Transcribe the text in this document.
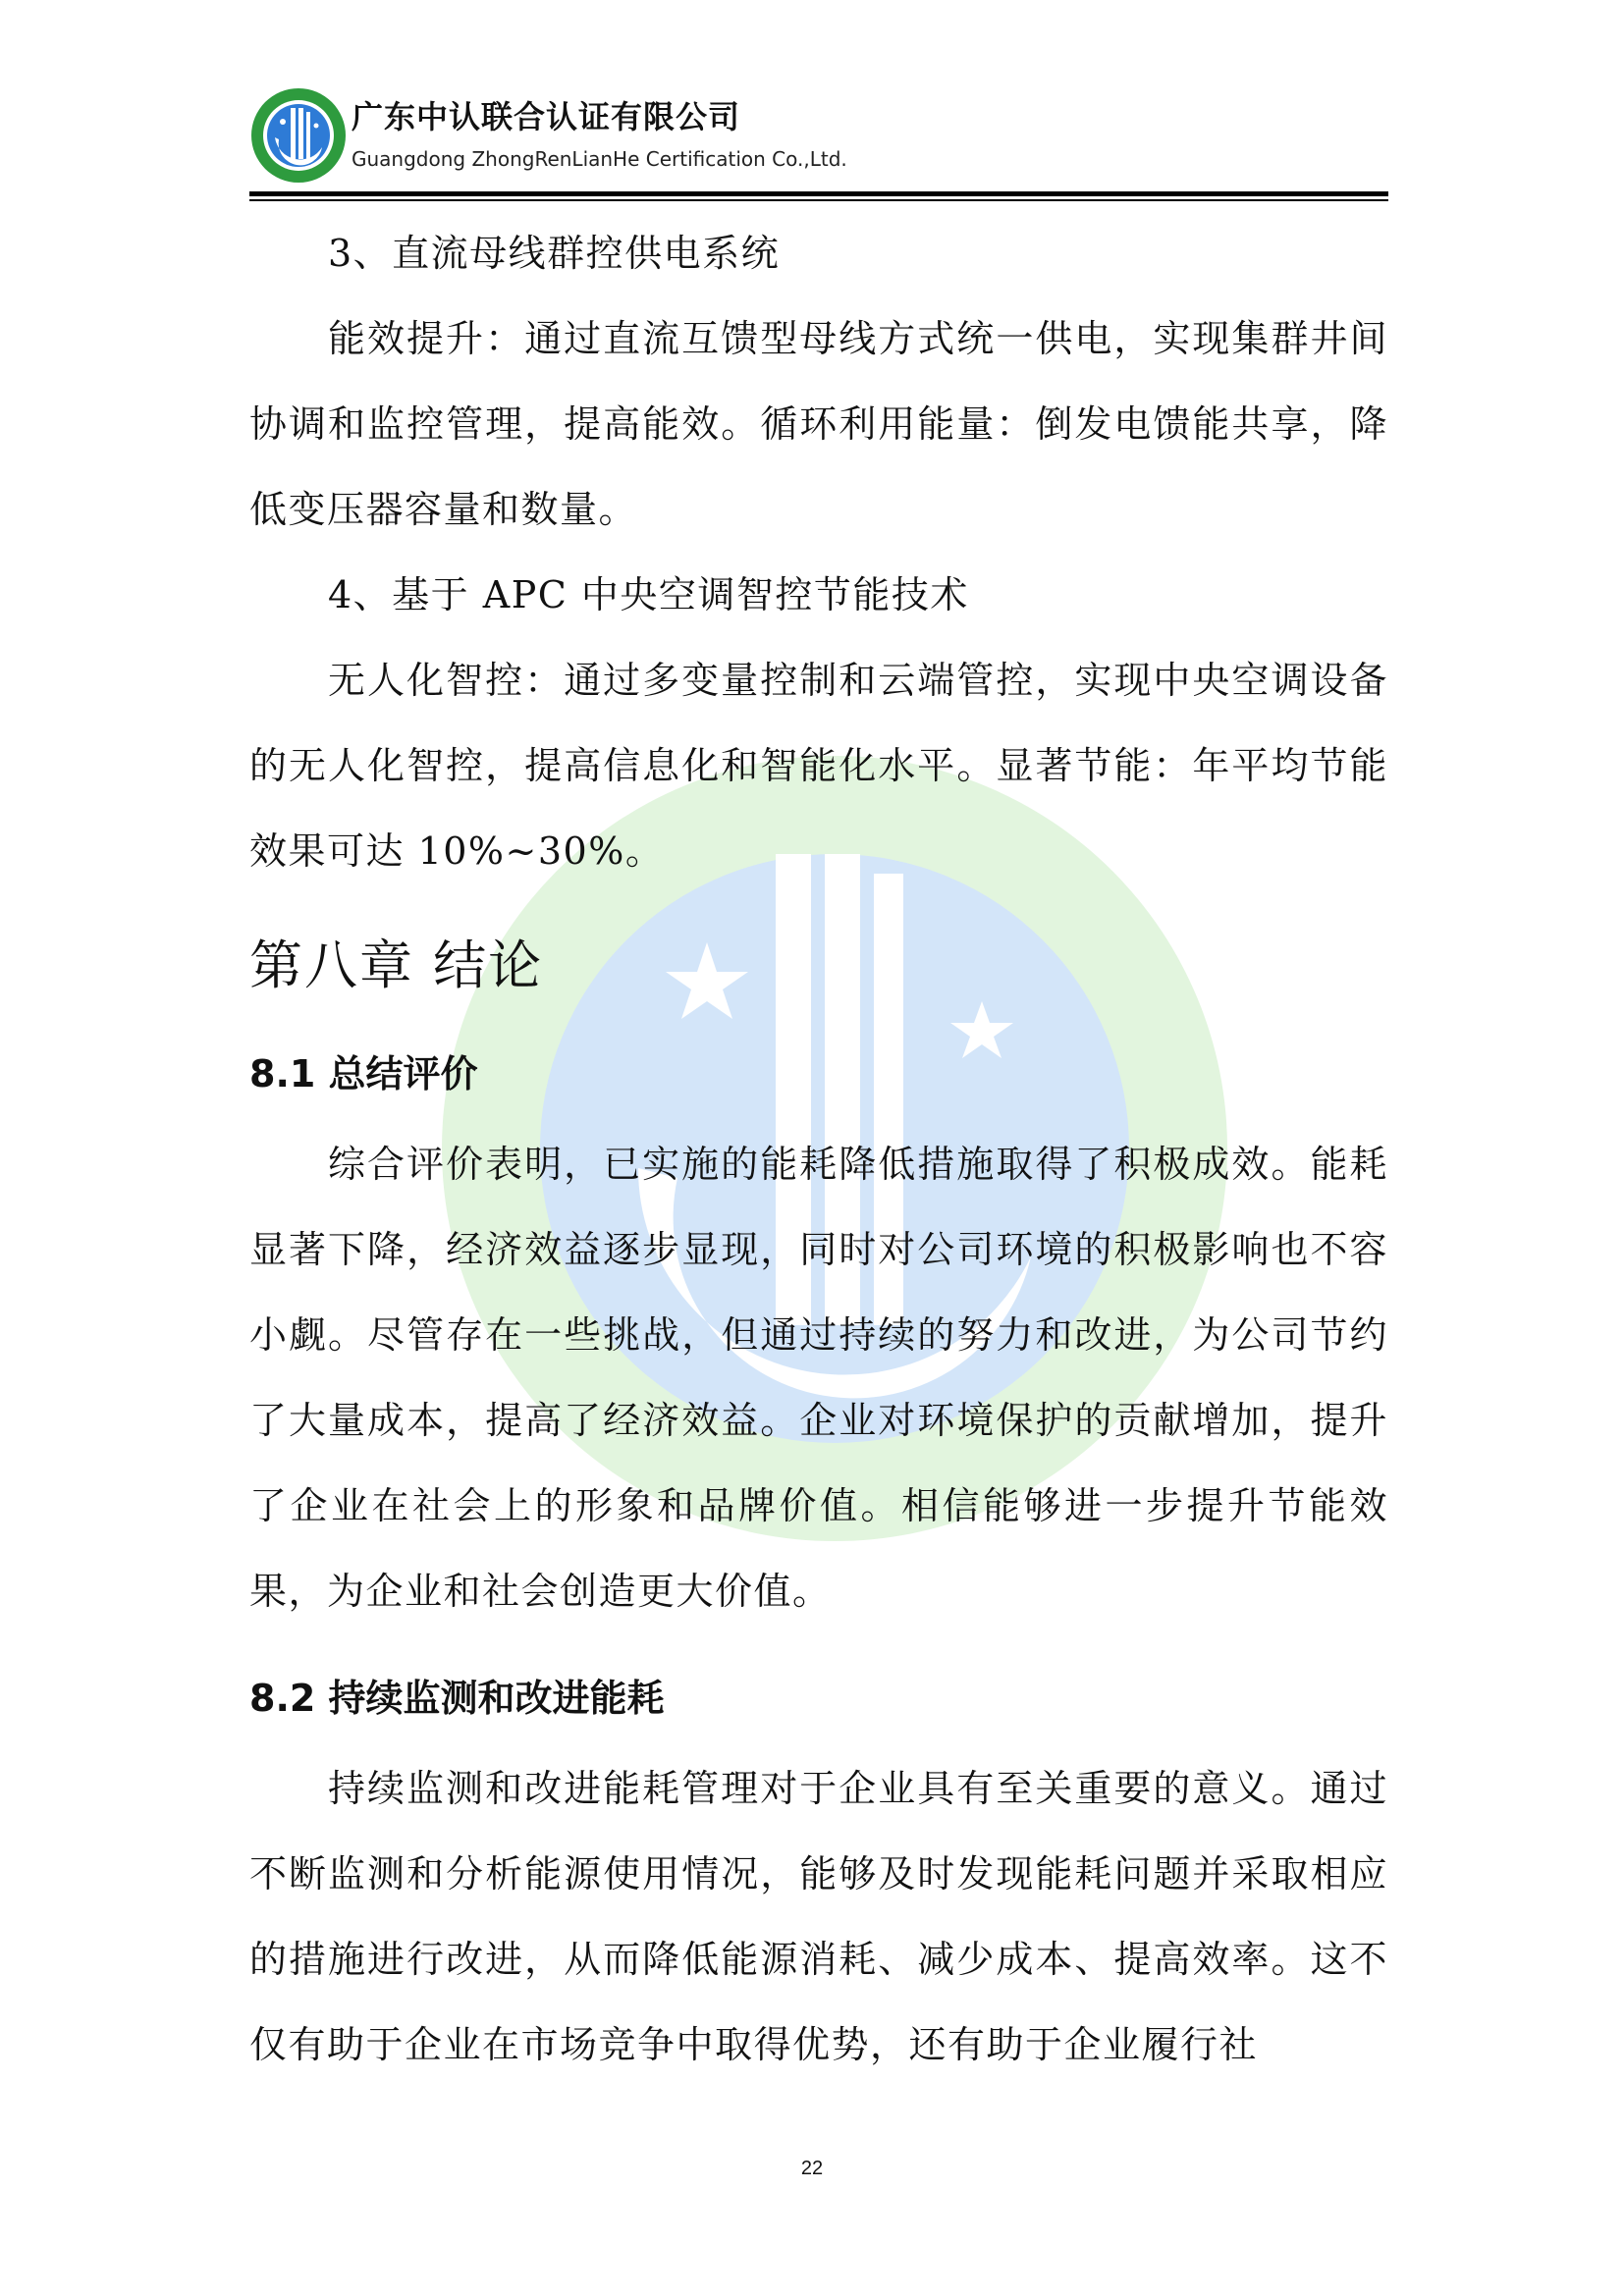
广东中认联合认证有限公司
Guangdong ZhongRenLianHe Certification Co.,Ltd.

3、直流母线群控供电系统

能效提升：通过直流互馈型母线方式统一供电，实现集群井间协调和监控管理，提高能效。循环利用能量：倒发电馈能共享，降低变压器容量和数量。

4、基于 APC 中央空调智控节能技术

无人化智控：通过多变量控制和云端管控，实现中央空调设备的无人化智控，提高信息化和智能化水平。显著节能：年平均节能效果可达 10%~30%。

第八章 结论
8.1 总结评价

综合评价表明，已实施的能耗降低措施取得了积极成效。能耗显著下降，经济效益逐步显现，同时对公司环境的积极影响也不容小觑。尽管存在一些挑战，但通过持续的努力和改进，为公司节约了大量成本，提高了经济效益。企业对环境保护的贡献增加，提升了企业在社会上的形象和品牌价值。相信能够进一步提升节能效果，为企业和社会创造更大价值。

8.2 持续监测和改进能耗

持续监测和改进能耗管理对于企业具有至关重要的意义。通过不断监测和分析能源使用情况，能够及时发现能耗问题并采取相应的措施进行改进，从而降低能源消耗、减少成本、提高效率。这不仅有助于企业在市场竞争中取得优势，还有助于企业履行社

22
